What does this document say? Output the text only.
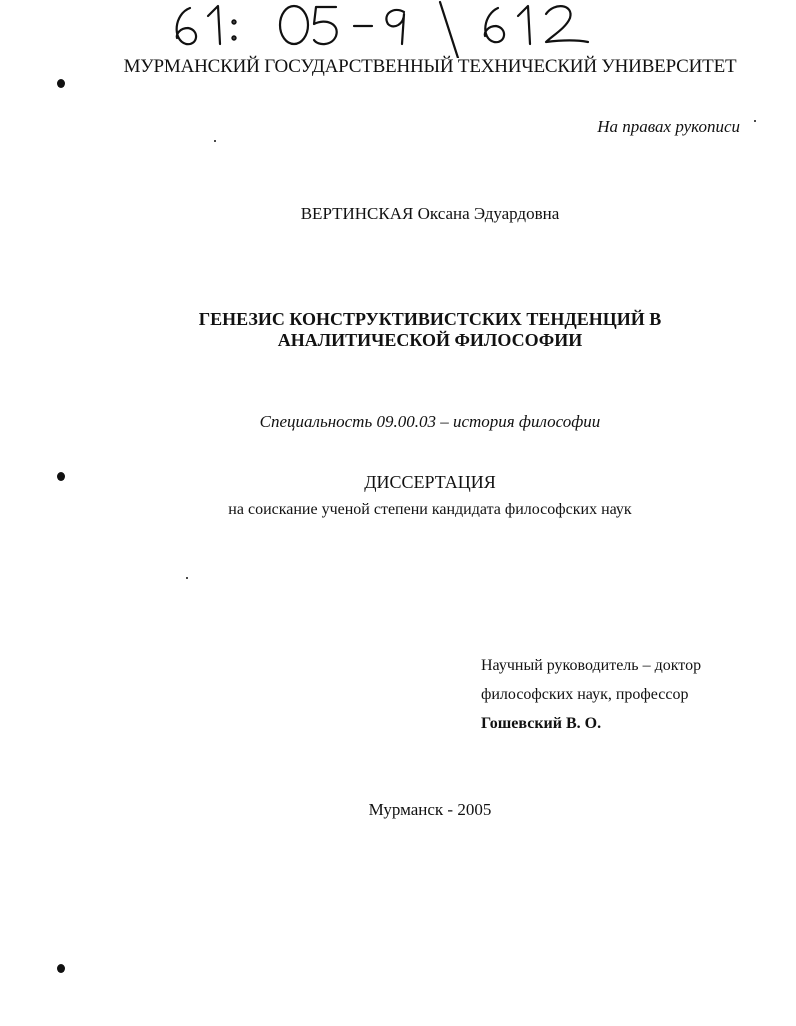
МУРМАНСКИЙ ГОСУДАРСТВЕННЫЙ ТЕХНИЧЕСКИЙ УНИВЕРСИТЕТ
На правах рукописи
ВЕРТИНСКАЯ Оксана Эдуардовна
ГЕНЕЗИС КОНСТРУКТИВИСТСКИХ ТЕНДЕНЦИЙ В
АНАЛИТИЧЕСКОЙ ФИЛОСОФИИ
Специальность 09.00.03 – история философии
ДИССЕРТАЦИЯ
на соискание ученой степени кандидата философских наук
Научный руководитель – доктор
философских наук, профессор
Гошевский В. О.
Мурманск - 2005
